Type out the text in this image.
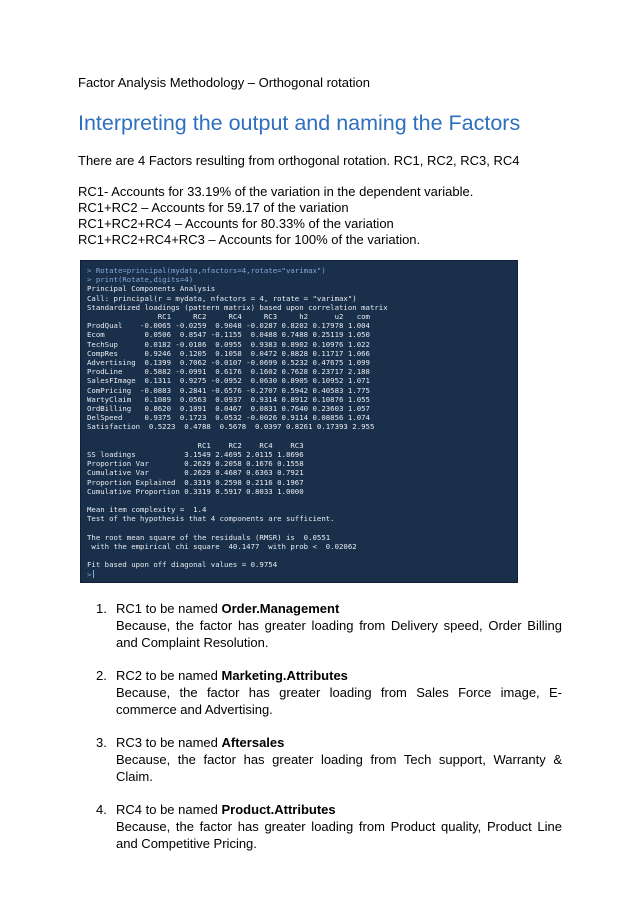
Factor Analysis Methodology – Orthogonal rotation
Interpreting the output and naming the Factors
There are 4 Factors resulting from orthogonal rotation. RC1, RC2, RC3, RC4
RC1- Accounts for 33.19% of the variation in the dependent variable.
RC1+RC2 – Accounts for 59.17 of the variation
RC1+RC2+RC4 – Accounts for 80.33% of the variation
RC1+RC2+RC4+RC3 – Accounts for 100% of the variation.
> Rotate=principal(mydata,nfactors=4,rotate="varimax")
> print(Rotate,digits=4)
Principal Components Analysis
Call: principal(r = mydata, nfactors = 4, rotate = "varimax")
Standardized loadings (pattern matrix) based upon correlation matrix
RC1     RC2     RC4     RC3     h2      u2   com
ProdQual    -0.0065 -0.0259  0.9048 -0.0287 0.8202 0.17978 1.004
Ecom         0.0506  0.8547 -0.1155  0.0488 0.7488 0.25119 1.050
TechSup      0.0182 -0.0186  0.0955  0.9383 0.8902 0.10976 1.022
CompRes      0.9246  0.1205  0.1058  0.0472 0.8828 0.11717 1.066
Advertising  0.1399  0.7062 -0.0107 -0.0699 0.5232 0.47675 1.099
ProdLine     0.5882 -0.0991  0.6176  0.1602 0.7628 0.23717 2.188
SalesFImage  0.1311  0.9275 -0.0952  0.0630 0.8905 0.10952 1.071
ComPricing  -0.0883  0.2841 -0.6576 -0.2707 0.5942 0.40583 1.775
WartyClaim   0.1089  0.0563  0.0937  0.9314 0.8912 0.10876 1.055
OrdBilling   0.8620  0.1091  0.0467  0.0831 0.7640 0.23603 1.057
DelSpeed     0.9375  0.1723  0.0532 -0.0026 0.9114 0.08856 1.074
Satisfaction  0.5223  0.4788  0.5678  0.0397 0.8261 0.17393 2.955
RC1    RC2    RC4    RC3
SS loadings           3.1549 2.4695 2.0115 1.8696
Proportion Var        0.2629 0.2058 0.1676 0.1558
Cumulative Var        0.2629 0.4687 0.6363 0.7921
Proportion Explained  0.3319 0.2598 0.2116 0.1967
Cumulative Proportion 0.3319 0.5917 0.8033 1.0000
Mean item complexity =  1.4
Test of the hypothesis that 4 components are sufficient.
The root mean square of the residuals (RMSR) is  0.0551
with the empirical chi square  40.1477  with prob <  0.02062
Fit based upon off diagonal values = 0.9754
>
1. RC1 to be named Order.Management
Because, the factor has greater loading from Delivery speed, Order Billing and Complaint Resolution.
2. RC2 to be named Marketing.Attributes
Because, the factor has greater loading from Sales Force image, E-commerce and Advertising.
3. RC3 to be named Aftersales
Because, the factor has greater loading from Tech support, Warranty & Claim.
4. RC4 to be named Product.Attributes
Because, the factor has greater loading from Product quality, Product Line and Competitive Pricing.
